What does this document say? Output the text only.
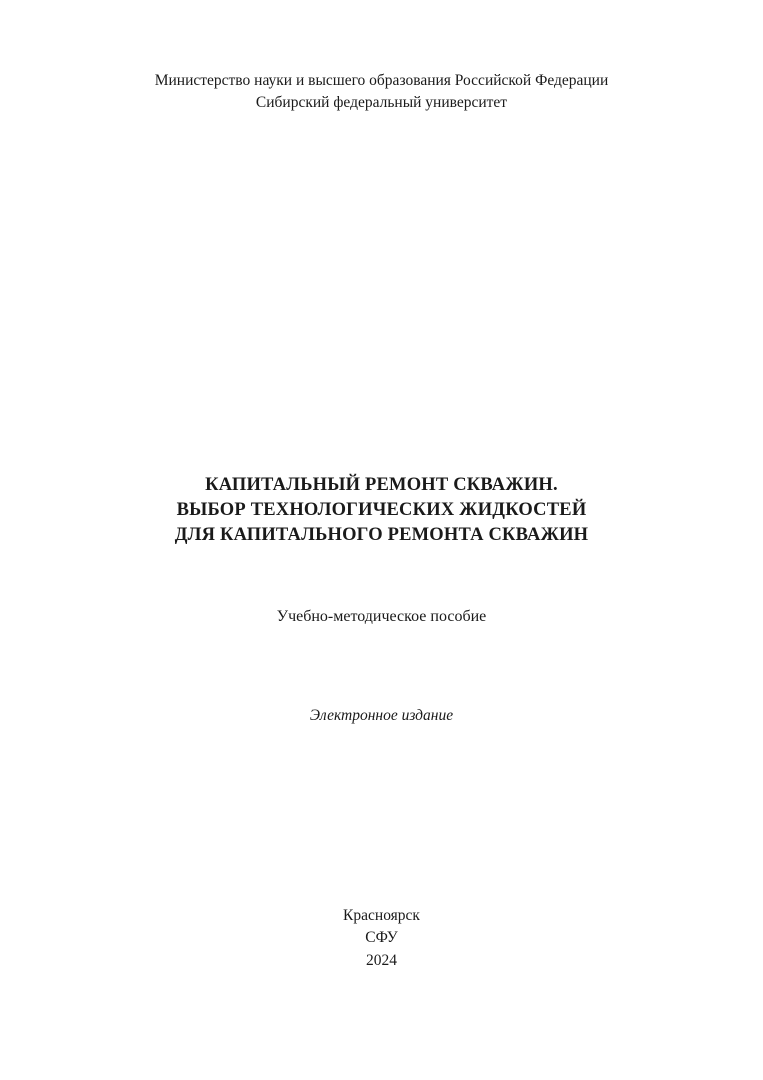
Министерство науки и высшего образования Российской Федерации
Сибирский федеральный университет
КАПИТАЛЬНЫЙ РЕМОНТ СКВАЖИН.
ВЫБОР ТЕХНОЛОГИЧЕСКИХ ЖИДКОСТЕЙ
ДЛЯ КАПИТАЛЬНОГО РЕМОНТА СКВАЖИН
Учебно-методическое пособие
Электронное издание
Красноярск
СФУ
2024
